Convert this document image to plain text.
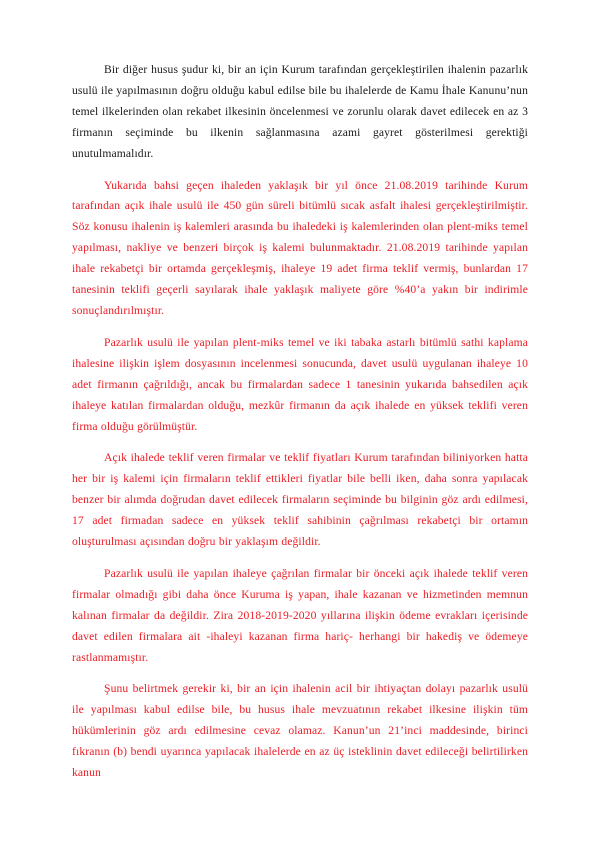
Bir diğer husus şudur ki, bir an için Kurum tarafından gerçekleştirilen ihalenin pazarlık usulü ile yapılmasının doğru olduğu kabul edilse bile bu ihalelerde de Kamu İhale Kanunu’nun temel ilkelerinden olan rekabet ilkesinin öncelenmesi ve zorunlu olarak davet edilecek en az 3 firmanın seçiminde bu ilkenin sağlanmasına azami gayret gösterilmesi gerektiği unutulmamalıdır.

Yukarıda bahsi geçen ihaleden yaklaşık bir yıl önce 21.08.2019 tarihinde Kurum tarafından açık ihale usulü ile 450 gün süreli bitümlü sıcak asfalt ihalesi gerçekleştirilmiştir. Söz konusu ihalenin iş kalemleri arasında bu ihaledeki iş kalemlerinden olan plent-miks temel yapılması, nakliye ve benzeri birçok iş kalemi bulunmaktadır. 21.08.2019 tarihinde yapılan ihale rekabetçi bir ortamda gerçekleşmiş, ihaleye 19 adet firma teklif vermiş, bunlardan 17 tanesinin teklifi geçerli sayılarak ihale yaklaşık maliyete göre %40’a yakın bir indirimle sonuçlandırılmıştır.

Pazarlık usulü ile yapılan plent-miks temel ve iki tabaka astarlı bitümlü sathi kaplama ihalesine ilişkin işlem dosyasının incelenmesi sonucunda, davet usulü uygulanan ihaleye 10 adet firmanın çağrıldığı, ancak bu firmalardan sadece 1 tanesinin yukarıda bahsedilen açık ihaleye katılan firmalardan olduğu, mezkûr firmanın da açık ihalede en yüksek teklifi veren firma olduğu görülmüştür.

Açık ihalede teklif veren firmalar ve teklif fiyatları Kurum tarafından biliniyorken hatta her bir iş kalemi için firmaların teklif ettikleri fiyatlar bile belli iken, daha sonra yapılacak benzer bir alımda doğrudan davet edilecek firmaların seçiminde bu bilginin göz ardı edilmesi, 17 adet firmadan sadece en yüksek teklif sahibinin çağrılması rekabetçi bir ortamın oluşturulması açısından doğru bir yaklaşım değildir.

Pazarlık usulü ile yapılan ihaleye çağrılan firmalar bir önceki açık ihalede teklif veren firmalar olmadığı gibi daha önce Kuruma iş yapan, ihale kazanan ve hizmetinden memnun kalınan firmalar da değildir. Zira 2018-2019-2020 yıllarına ilişkin ödeme evrakları içerisinde davet edilen firmalara ait -ihaleyi kazanan firma hariç- herhangi bir hakediş ve ödemeye rastlanmamıştır.

Şunu belirtmek gerekir ki, bir an için ihalenin acil bir ihtiyaçtan dolayı pazarlık usulü ile yapılması kabul edilse bile, bu husus ihale mevzuatının rekabet ilkesine ilişkin tüm hükümlerinin göz ardı edilmesine cevaz olamaz. Kanun’un 21’inci maddesinde, birinci fıkranın (b) bendi uyarınca yapılacak ihalelerde en az üç isteklinin davet edileceği belirtilirken kanun
